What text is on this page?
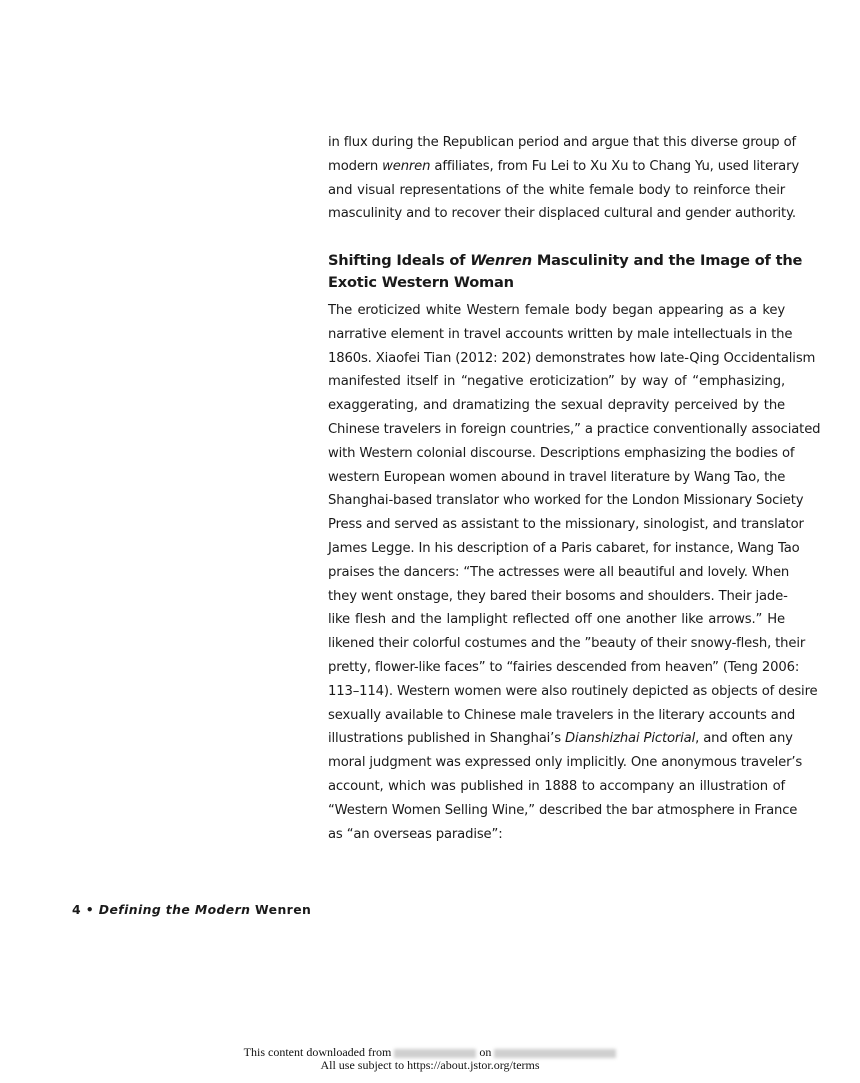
in flux during the Republican period and argue that this diverse group of
modern wenren affiliates, from Fu Lei to Xu Xu to Chang Yu, used literary
and visual representations of the white female body to reinforce their
masculinity and to recover their displaced cultural and gender authority.
Shifting Ideals of Wenren Masculinity and the Image of the
Exotic Western Woman
The eroticized white Western female body began appearing as a key
narrative element in travel accounts written by male intellectuals in the
1860s. Xiaofei Tian (2012: 202) demonstrates how late-Qing Occidentalism
manifested itself in “negative eroticization” by way of “emphasizing,
exaggerating, and dramatizing the sexual depravity perceived by the
Chinese travelers in foreign countries,” a practice conventionally associated
with Western colonial discourse. Descriptions emphasizing the bodies of
western European women abound in travel literature by Wang Tao, the
Shanghai-based translator who worked for the London Missionary Society
Press and served as assistant to the missionary, sinologist, and translator
James Legge. In his description of a Paris cabaret, for instance, Wang Tao
praises the dancers: “The actresses were all beautiful and lovely. When
they went onstage, they bared their bosoms and shoulders. Their jade-
like flesh and the lamplight reflected off one another like arrows.” He
likened their colorful costumes and the ”beauty of their snowy-flesh, their
pretty, flower-like faces” to “fairies descended from heaven” (Teng 2006:
113–114). Western women were also routinely depicted as objects of desire
sexually available to Chinese male travelers in the literary accounts and
illustrations published in Shanghai’s Dianshizhai Pictorial, and often any
moral judgment was expressed only implicitly. One anonymous traveler’s
account, which was published in 1888 to accompany an illustration of
“Western Women Selling Wine,” described the bar atmosphere in France
as “an overseas paradise”:
4 • Defining the Modern Wenren
This content downloaded from	on
All use subject to https://about.jstor.org/terms
